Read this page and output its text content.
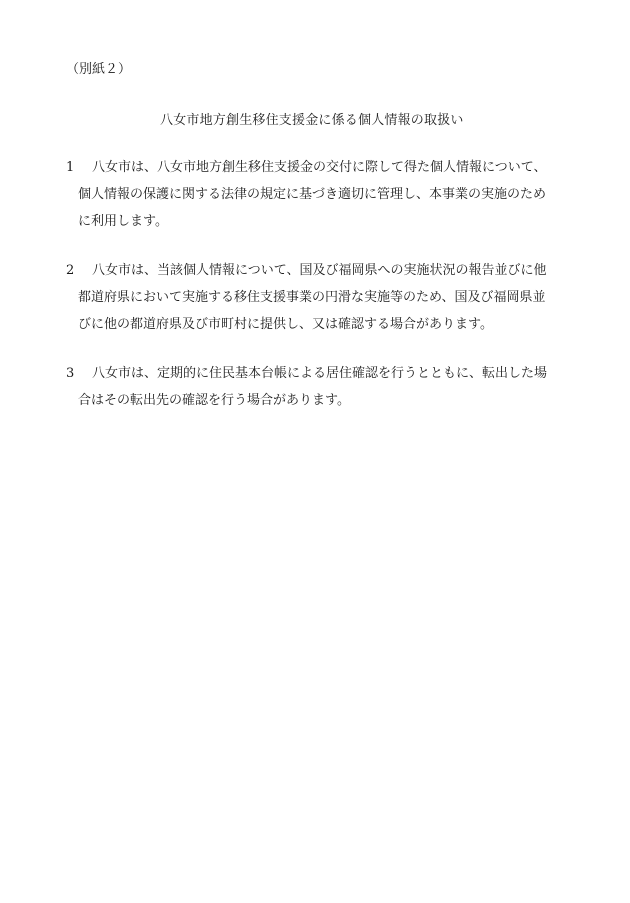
（別紙２）
八女市地方創生移住支援金に係る個人情報の取扱い
1 八女市は、八女市地方創生移住支援金の交付に際して得た個人情報について、
個人情報の保護に関する法律の規定に基づき適切に管理し、本事業の実施のため
に利用します。
2 八女市は、当該個人情報について、国及び福岡県への実施状況の報告並びに他
都道府県において実施する移住支援事業の円滑な実施等のため、国及び福岡県並
びに他の都道府県及び市町村に提供し、又は確認する場合があります。
3 八女市は、定期的に住民基本台帳による居住確認を行うとともに、転出した場
合はその転出先の確認を行う場合があります。
